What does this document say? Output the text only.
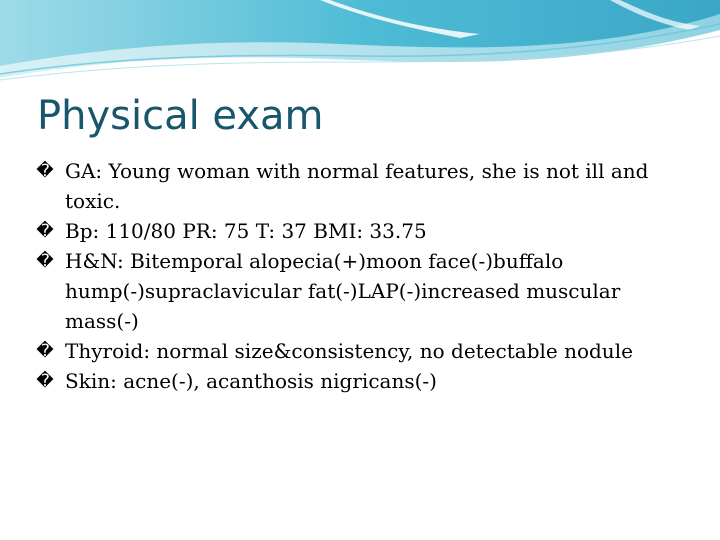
Physical exam
� GA: Young woman with normal features, she is not ill and toxic.
� Bp: 110/80 PR: 75 T: 37 BMI: 33.75
� H&N: Bitemporal alopecia(+)moon face(-)buffalo hump(-)supraclavicular fat(-)LAP(-)increased muscular mass(-)
� Thyroid: normal size&consistency, no detectable nodule
� Skin: acne(-), acanthosis nigricans(-)
